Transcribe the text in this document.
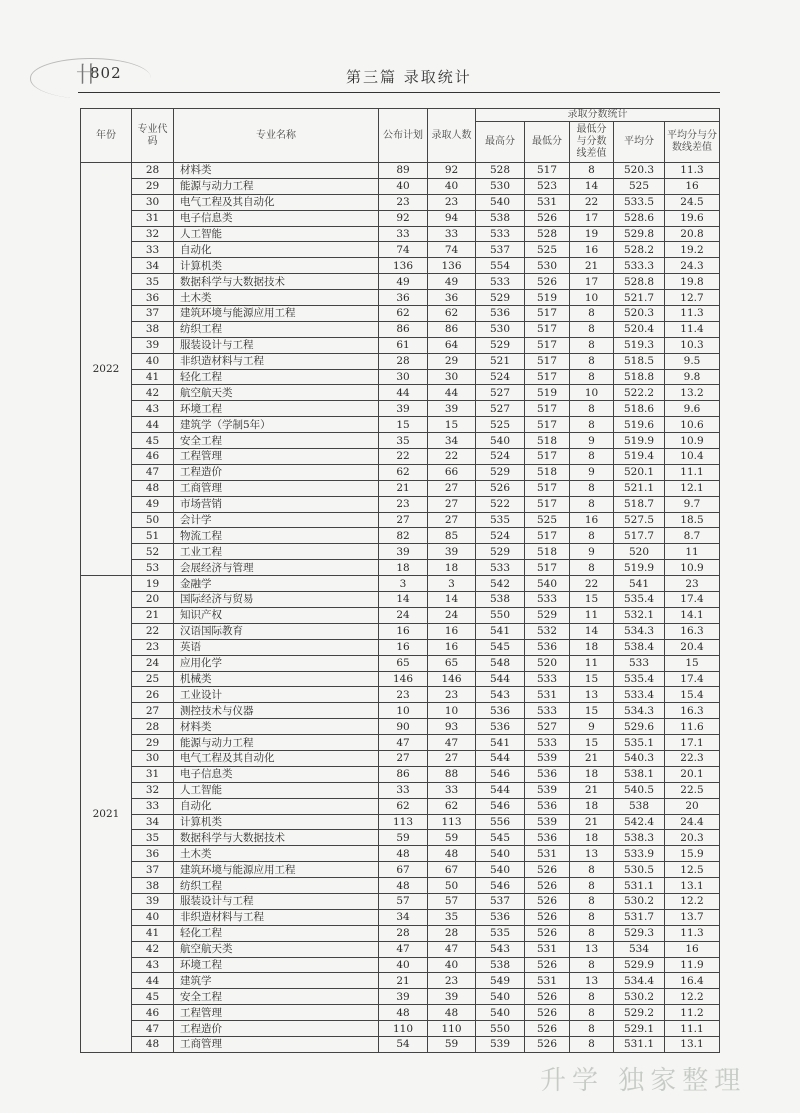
卄
802	第三篇 录取统计
年份	专业代码	专业名称	公布计划	录取人数	录取分数统计				
					最高分	最低分	最低分与分数线差值	平均分	平均分与分数线差值
2022	28	材料类	89	92	528	517	8	520.3	11.3
	29	能源与动力工程	40	40	530	523	14	525	16
	30	电气工程及其自动化	23	23	540	531	22	533.5	24.5
	31	电子信息类	92	94	538	526	17	528.6	19.6
	32	人工智能	33	33	533	528	19	529.8	20.8
	33	自动化	74	74	537	525	16	528.2	19.2
	34	计算机类	136	136	554	530	21	533.3	24.3
	35	数据科学与大数据技术	49	49	533	526	17	528.8	19.8
	36	土木类	36	36	529	519	10	521.7	12.7
	37	建筑环境与能源应用工程	62	62	536	517	8	520.3	11.3
	38	纺织工程	86	86	530	517	8	520.4	11.4
	39	服装设计与工程	61	64	529	517	8	519.3	10.3
	40	非织造材料与工程	28	29	521	517	8	518.5	9.5
	41	轻化工程	30	30	524	517	8	518.8	9.8
	42	航空航天类	44	44	527	519	10	522.2	13.2
	43	环境工程	39	39	527	517	8	518.6	9.6
	44	建筑学（学制5年）	15	15	525	517	8	519.6	10.6
	45	安全工程	35	34	540	518	9	519.9	10.9
	46	工程管理	22	22	524	517	8	519.4	10.4
	47	工程造价	62	66	529	518	9	520.1	11.1
	48	工商管理	21	27	526	517	8	521.1	12.1
	49	市场营销	23	27	522	517	8	518.7	9.7
	50	会计学	27	27	535	525	16	527.5	18.5
	51	物流工程	82	85	524	517	8	517.7	8.7
	52	工业工程	39	39	529	518	9	520	11
	53	会展经济与管理	18	18	533	517	8	519.9	10.9
2021	19	金融学	3	3	542	540	22	541	23
	20	国际经济与贸易	14	14	538	533	15	535.4	17.4
	21	知识产权	24	24	550	529	11	532.1	14.1
	22	汉语国际教育	16	16	541	532	14	534.3	16.3
	23	英语	16	16	545	536	18	538.4	20.4
	24	应用化学	65	65	548	520	11	533	15
	25	机械类	146	146	544	533	15	535.4	17.4
	26	工业设计	23	23	543	531	13	533.4	15.4
	27	测控技术与仪器	10	10	536	533	15	534.3	16.3
	28	材料类	90	93	536	527	9	529.6	11.6
	29	能源与动力工程	47	47	541	533	15	535.1	17.1
	30	电气工程及其自动化	27	27	544	539	21	540.3	22.3
	31	电子信息类	86	88	546	536	18	538.1	20.1
	32	人工智能	33	33	544	539	21	540.5	22.5
	33	自动化	62	62	546	536	18	538	20
	34	计算机类	113	113	556	539	21	542.4	24.4
	35	数据科学与大数据技术	59	59	545	536	18	538.3	20.3
	36	土木类	48	48	540	531	13	533.9	15.9
	37	建筑环境与能源应用工程	67	67	540	526	8	530.5	12.5
	38	纺织工程	48	50	546	526	8	531.1	13.1
	39	服装设计与工程	57	57	537	526	8	530.2	12.2
	40	非织造材料与工程	34	35	536	526	8	531.7	13.7
	41	轻化工程	28	28	535	526	8	529.3	11.3
	42	航空航天类	47	47	543	531	13	534	16
	43	环境工程	40	40	538	526	8	529.9	11.9
	44	建筑学	21	23	549	531	13	534.4	16.4
	45	安全工程	39	39	540	526	8	530.2	12.2
	46	工程管理	48	48	540	526	8	529.2	11.2
	47	工程造价	110	110	550	526	8	529.1	11.1
	48	工商管理	54	59	539	526	8	531.1	13.1
升学 独家整理
